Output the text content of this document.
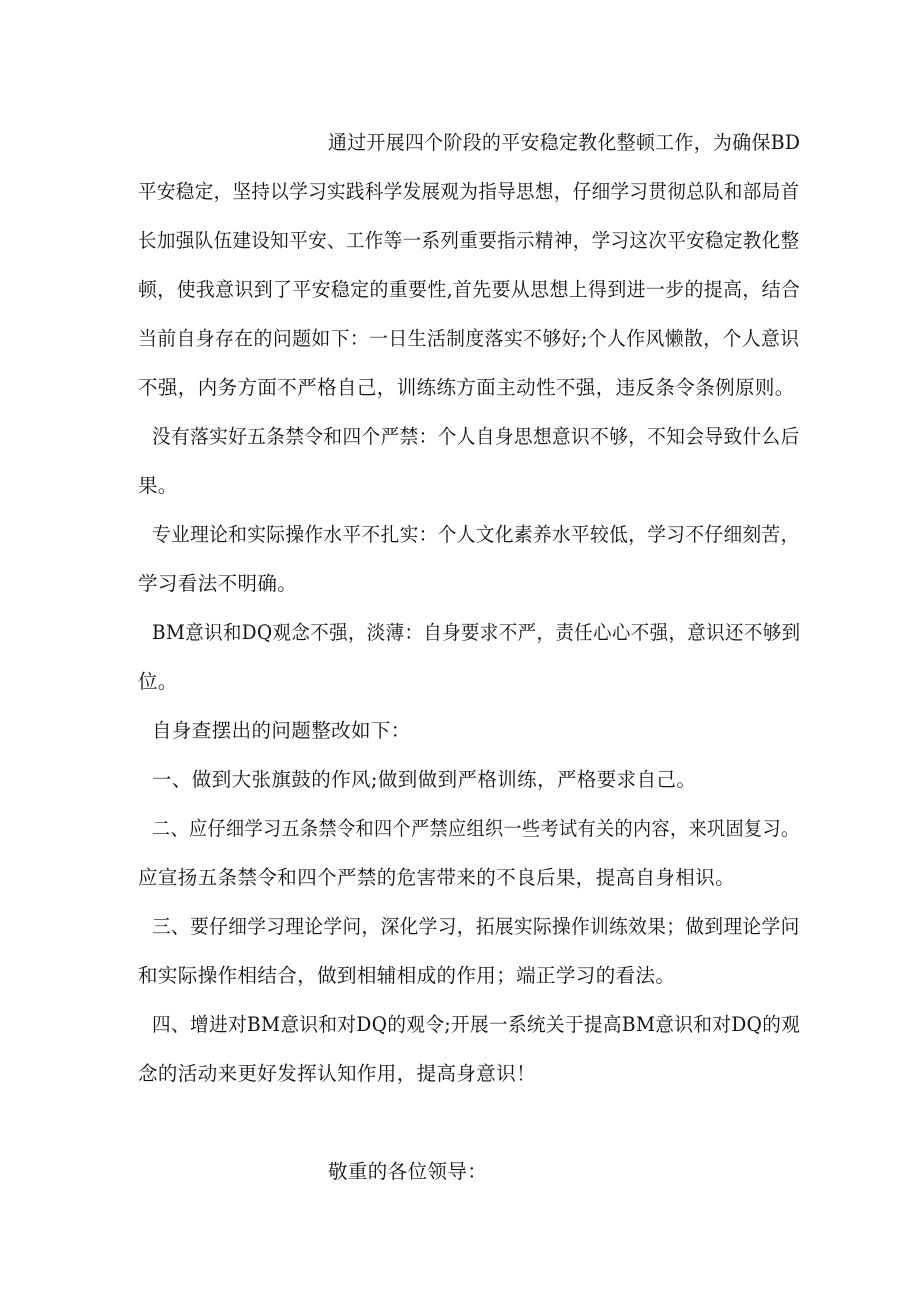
通过开展四个阶段的平安稳定教化整顿工作，为确保BD
平安稳定，坚持以学习实践科学发展观为指导思想，仔细学习贯彻总队和部局首
长加强队伍建设知平安、工作等一系列重要指示精神，学习这次平安稳定教化整
顿，使我意识到了平安稳定的重要性,首先要从思想上得到进一步的提高，结合
当前自身存在的问题如下：一日生活制度落实不够好;个人作风懒散，个人意识
不强，内务方面不严格自己，训练练方面主动性不强，违反条令条例原则。
没有落实好五条禁令和四个严禁：个人自身思想意识不够，不知会导致什么后
果。
专业理论和实际操作水平不扎实：个人文化素养水平较低，学习不仔细刻苦，
学习看法不明确。
BM意识和DQ观念不强，淡薄：自身要求不严，责任心心不强，意识还不够到
位。
自身查摆出的问题整改如下：
一、做到大张旗鼓的作风;做到做到严格训练，严格要求自己。
二、应仔细学习五条禁令和四个严禁应组织一些考试有关的内容，来巩固复习。
应宣扬五条禁令和四个严禁的危害带来的不良后果，提高自身相识。
三、要仔细学习理论学问，深化学习，拓展实际操作训练效果；做到理论学问
和实际操作相结合，做到相辅相成的作用；端正学习的看法。
四、增进对BM意识和对DQ的观令;开展一系统关于提高BM意识和对DQ的观
念的活动来更好发挥认知作用，提高身意识！
敬重的各位领导：
